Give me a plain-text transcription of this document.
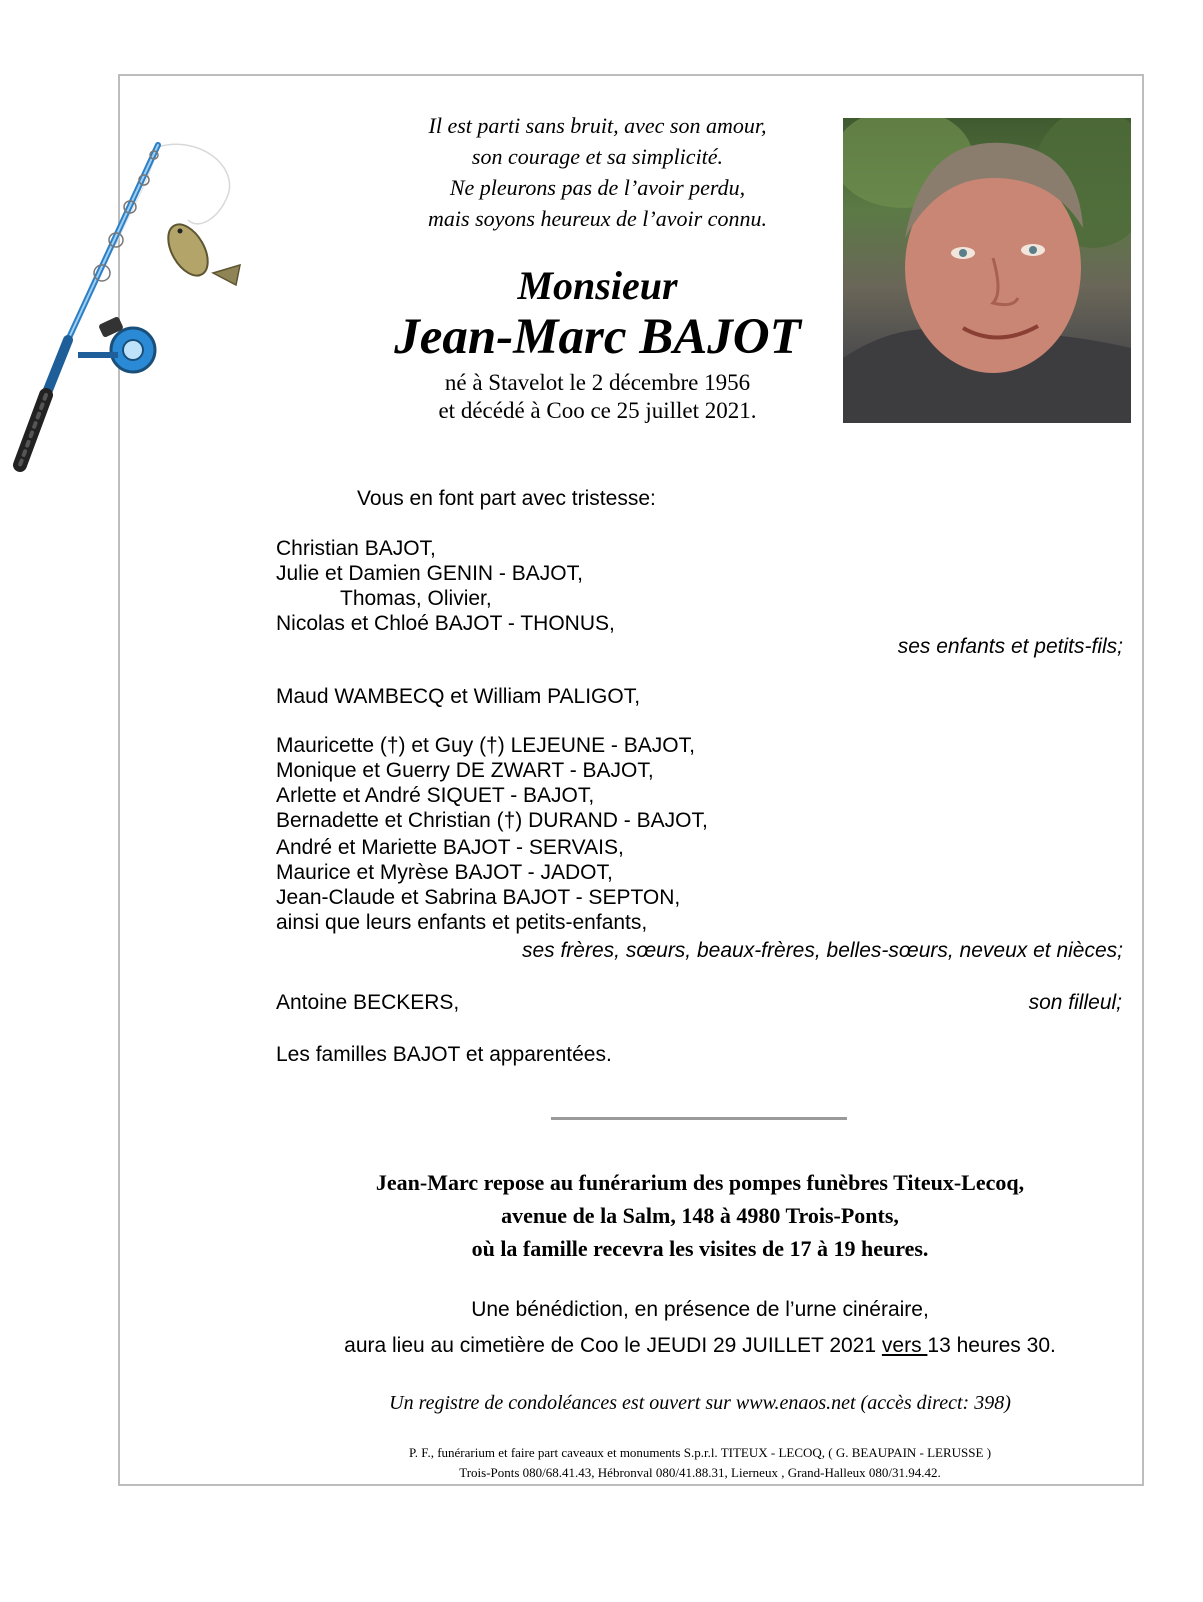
Il est parti sans bruit, avec son amour,
son courage et sa simplicité.
Ne pleurons pas de l’avoir perdu,
mais soyons heureux de l’avoir connu.
Monsieur
Jean-Marc BAJOT
né à Stavelot le 2 décembre 1956
et décédé à Coo ce 25 juillet 2021.
Vous en font part avec tristesse:
Christian BAJOT,
Julie et Damien GENIN - BAJOT,
Thomas, Olivier,
Nicolas et Chloé BAJOT - THONUS,
ses enfants et petits-fils;
Maud WAMBECQ et William PALIGOT,
Mauricette (†) et Guy (†) LEJEUNE - BAJOT,
Monique et Guerry DE ZWART - BAJOT,
Arlette et André SIQUET - BAJOT,
Bernadette et Christian (†) DURAND - BAJOT,
André et Mariette BAJOT - SERVAIS,
Maurice et Myrèse BAJOT - JADOT,
Jean-Claude et Sabrina BAJOT - SEPTON,
ainsi que leurs enfants et petits-enfants,
ses frères, sœurs, beaux-frères, belles-sœurs, neveux et nièces;
Antoine BECKERS,	son filleul;
Les familles BAJOT et apparentées.
Jean-Marc repose au funérarium des pompes funèbres Titeux-Lecoq,
avenue de la Salm, 148 à 4980 Trois-Ponts,
où la famille recevra les visites de 17 à 19 heures.
Une bénédiction, en présence de l’urne cinéraire,
aura lieu au cimetière de Coo le JEUDI 29 JUILLET 2021 vers 13 heures 30.
Un registre de condoléances est ouvert sur www.enaos.net (accès direct: 398)
P. F., funérarium et faire part caveaux et monuments S.p.r.l. TITEUX - LECOQ, ( G. BEAUPAIN - LERUSSE )
Trois-Ponts 080/68.41.43, Hébronval 080/41.88.31, Lierneux , Grand-Halleux 080/31.94.42.
